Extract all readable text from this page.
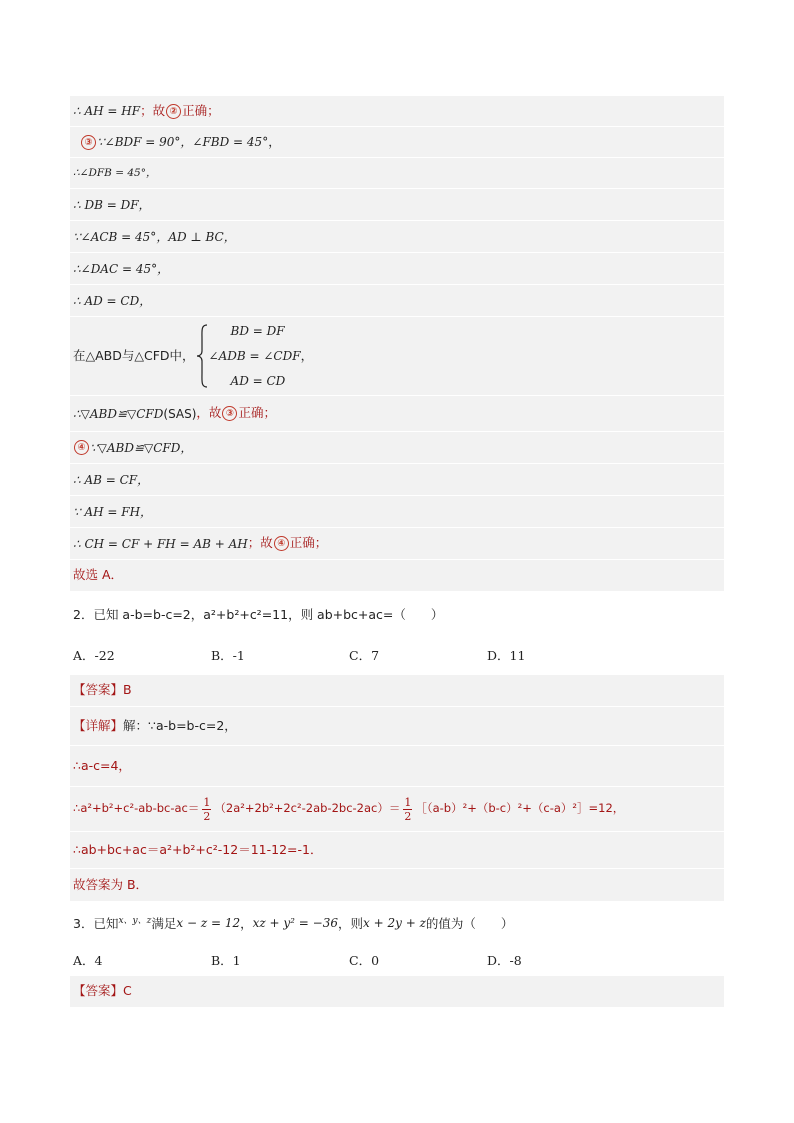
∴ AH = HF ；故 ② 正确；
③ ∵∠BDF = 90° ，∠FBD = 45° ，
∴∠DFB = 45°，
∴ DB = DF，
∵∠ACB = 45° ，AD ⊥ BC，
∴∠DAC = 45°，
∴ AD = CD，
在△ABD与△CFD中，
BD = DF
∠ADB = ∠CDF
AD = CD
，
∴▽ABD≌▽CFD (SAS) ，故 ③ 正确；
④ ∵▽ABD≌▽CFD，
∴ AB = CF，
∵ AH = FH，
∴ CH = CF + FH = AB + AH ；故 ④ 正确；
故选 A．
2．已知 a-b=b-c=2，a²+b²+c²=11，则 ab+bc+ac=（　　）
A．-22	B．-1	C．7	D．11
【答案】 B
【详解】 解：∵a-b=b-c=2，
∴a-c=4，
∴a²+b²+c²-ab-bc-ac＝ $\frac{1}{2} (2a^2+2b^2+2c^2-2ab-2bc-2ac)= \frac{1}{2}$ ［（a-b）²+（b-c）²+（c-a）²］=12，
∴ab+bc+ac＝a²+b²+c²-12＝11-12=-1．
故答案为 B．
3．已知 x、y、z 满足 x − z = 12 ， xz + y² = −36 ，则 x + 2y + z 的值为（　　）
A．4	B．1	C．0	D．-8
【答案】 C
